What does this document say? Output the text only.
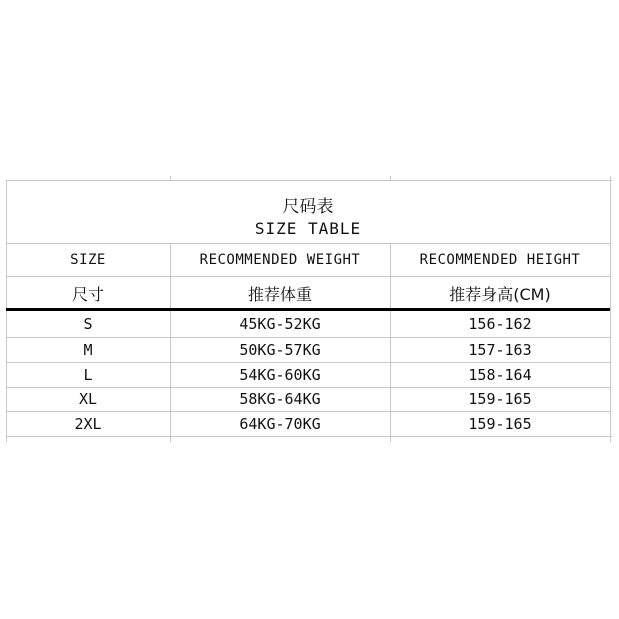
尺码表
SIZE TABLE
SIZE	RECOMMENDED WEIGHT	RECOMMENDED HEIGHT
尺寸	推荐体重	推荐身高(CM)
S	45KG-52KG	156-162
M	50KG-57KG	157-163
L	54KG-60KG	158-164
XL	58KG-64KG	159-165
2XL	64KG-70KG	159-165
